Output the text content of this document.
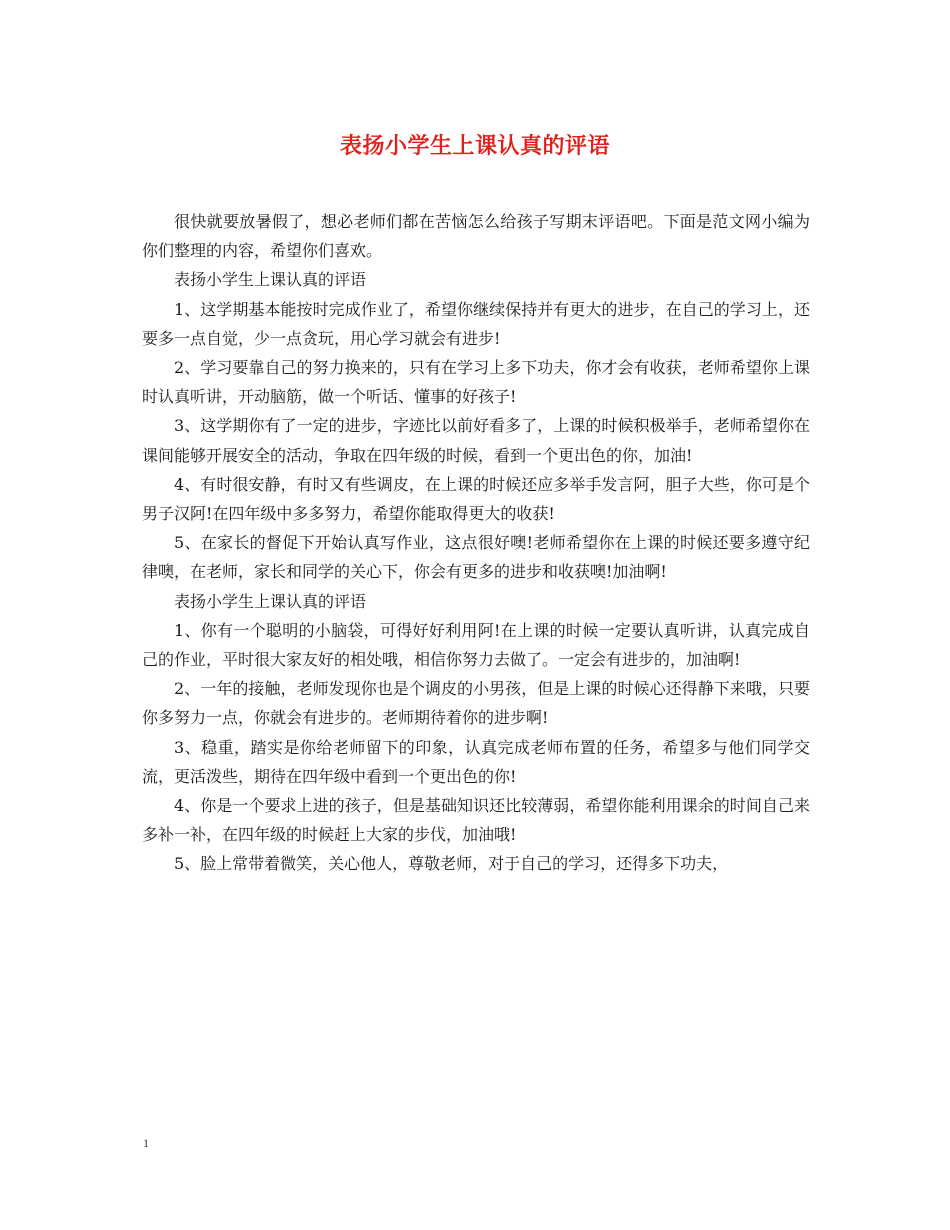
表扬小学生上课认真的评语

很快就要放暑假了，想必老师们都在苦恼怎么给孩子写期末评语吧。下面是范文网小编为你们整理的内容，希望你们喜欢。

表扬小学生上课认真的评语

1、这学期基本能按时完成作业了，希望你继续保持并有更大的进步，在自己的学习上，还要多一点自觉，少一点贪玩，用心学习就会有进步!

2、学习要靠自己的努力换来的，只有在学习上多下功夫，你才会有收获，老师希望你上课时认真听讲，开动脑筋，做一个听话、懂事的好孩子!

3、这学期你有了一定的进步，字迹比以前好看多了，上课的时候积极举手，老师希望你在课间能够开展安全的活动，争取在四年级的时候，看到一个更出色的你，加油!

4、有时很安静，有时又有些调皮，在上课的时候还应多举手发言阿，胆子大些，你可是个男子汉阿!在四年级中多多努力，希望你能取得更大的收获!

5、在家长的督促下开始认真写作业，这点很好噢!老师希望你在上课的时候还要多遵守纪律噢，在老师，家长和同学的关心下，你会有更多的进步和收获噢!加油啊!

表扬小学生上课认真的评语

1、你有一个聪明的小脑袋，可得好好利用阿!在上课的时候一定要认真听讲，认真完成自己的作业，平时很大家友好的相处哦，相信你努力去做了。一定会有进步的，加油啊!

2、一年的接触，老师发现你也是个调皮的小男孩，但是上课的时候心还得静下来哦，只要你多努力一点，你就会有进步的。老师期待着你的进步啊!

3、稳重，踏实是你给老师留下的印象，认真完成老师布置的任务，希望多与他们同学交流，更活泼些，期待在四年级中看到一个更出色的你!

4、你是一个要求上进的孩子，但是基础知识还比较薄弱，希望你能利用课余的时间自己来多补一补，在四年级的时候赶上大家的步伐，加油哦!

5、脸上常带着微笑，关心他人，尊敬老师，对于自己的学习，还得多下功夫，

1
